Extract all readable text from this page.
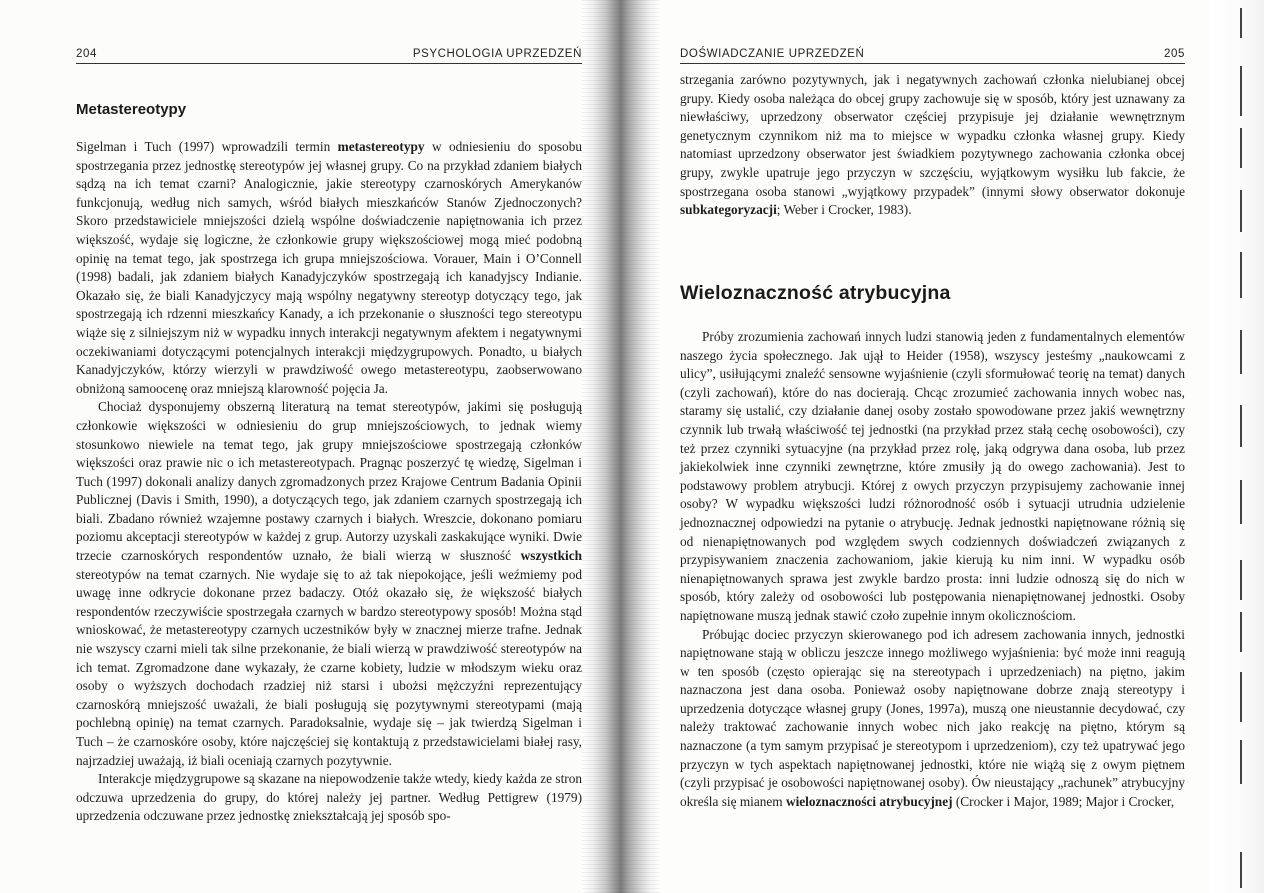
204	PSYCHOLOGIA UPRZEDZEŃ
Metastereotypy

Sigelman i Tuch (1997) wprowadzili termin metastereotypy w odniesieniu do sposobu spostrzegania przez jednostkę stereotypów jej własnej grupy. Co na przykład zdaniem białych sądzą na ich temat czarni? Analogicznie, jakie stereotypy czarnoskórych Amerykanów funkcjonują, według nich samych, wśród białych mieszkańców Stanów Zjednoczonych? Skoro przedstawiciele mniejszości dzielą wspólne doświadczenie napiętnowania ich przez większość, wydaje się logiczne, że członkowie grupy większościowej mogą mieć podobną opinię na temat tego, jak spostrzega ich grupa mniejszościowa. Vorauer, Main i O’Connell (1998) badali, jak zdaniem białych Kanadyjczyków spostrzegają ich kanadyjscy Indianie. Okazało się, że biali Kanadyjczycy mają wspólny negatywny stereotyp dotyczący tego, jak spostrzegają ich rdzenni mieszkańcy Kanady, a ich przekonanie o słuszności tego stereotypu wiąże się z silniejszym niż w wypadku innych interakcji negatywnym afektem i negatywnymi oczekiwaniami dotyczącymi potencjalnych interakcji międzygrupowych. Ponadto, u białych Kanadyjczyków, którzy wierzyli w prawdziwość owego metastereotypu, zaobserwowano obniżoną samoocenę oraz mniejszą klarowność pojęcia Ja.

Chociaż dysponujemy obszerną literaturą na temat stereotypów, jakimi się posługują członkowie większości w odniesieniu do grup mniejszościowych, to jednak wiemy stosunkowo niewiele na temat tego, jak grupy mniejszościowe spostrzegają członków większości oraz prawie nic o ich metastereotypach. Pragnąc poszerzyć tę wiedzę, Sigelman i Tuch (1997) dokonali analizy danych zgromadzonych przez Krajowe Centrum Badania Opinii Publicznej (Davis i Smith, 1990), a dotyczących tego, jak zdaniem czarnych spostrzegają ich biali. Zbadano również wzajemne postawy czarnych i białych. Wreszcie, dokonano pomiaru poziomu akceptacji stereotypów w każdej z grup. Autorzy uzyskali zaskakujące wyniki. Dwie trzecie czarnoskórych respondentów uznało, że biali wierzą w słuszność wszystkich stereotypów na temat czarnych. Nie wydaje się to aż tak niepokojące, jeśli weźmiemy pod uwagę inne odkrycie dokonane przez badaczy. Otóż okazało się, że większość białych respondentów rzeczywiście spostrzegała czarnych w bardzo stereotypowy sposób! Można stąd wnioskować, że metastereotypy czarnych uczestników były w znacznej mierze trafne. Jednak nie wszyscy czarni mieli tak silne przekonanie, że biali wierzą w prawdziwość stereotypów na ich temat. Zgromadzone dane wykazały, że czarne kobiety, ludzie w młodszym wieku oraz osoby o wyższych dochodach rzadziej niż starsi i ubożsi mężczyźni reprezentujący czarnoskórą mniejszość uważali, że biali posługują się pozytywnymi stereotypami (mają pochlebną opinię) na temat czarnych. Paradoksalnie, wydaje się – jak twierdzą Sigelman i Tuch – że czarnoskóre osoby, które najczęściej się kontaktują z przedstawicielami białej rasy, najrzadziej uważają, iż biali oceniają czarnych pozytywnie.

Interakcje międzygrupowe są skazane na niepowodzenie także wtedy, kiedy każda ze stron odczuwa uprzedzenia do grupy, do której należy jej partner. Według Pettigrew (1979) uprzedzenia odczuwane przez jednostkę zniekształcają jej sposób spo-

DOŚWIADCZANIE UPRZEDZEŃ	205

strzegania zarówno pozytywnych, jak i negatywnych zachowań członka nielubianej obcej grupy. Kiedy osoba należąca do obcej grupy zachowuje się w sposób, który jest uznawany za niewłaściwy, uprzedzony obserwator częściej przypisuje jej działanie wewnętrznym genetycznym czynnikom niż ma to miejsce w wypadku członka własnej grupy. Kiedy natomiast uprzedzony obserwator jest świadkiem pozytywnego zachowania członka obcej grupy, zwykle upatruje jego przyczyn w szczęściu, wyjątkowym wysiłku lub fakcie, że spostrzegana osoba stanowi „wyjątkowy przypadek” (innymi słowy obserwator dokonuje subkategoryzacji; Weber i Crocker, 1983).

Wieloznaczność atrybucyjna

Próby zrozumienia zachowań innych ludzi stanowią jeden z fundamentalnych elementów naszego życia społecznego. Jak ujął to Heider (1958), wszyscy jesteśmy „naukowcami z ulicy”, usiłującymi znaleźć sensowne wyjaśnienie (czyli sformułować teorię na temat) danych (czyli zachowań), które do nas docierają. Chcąc zrozumieć zachowania innych wobec nas, staramy się ustalić, czy działanie danej osoby zostało spowodowane przez jakiś wewnętrzny czynnik lub trwałą właściwość tej jednostki (na przykład przez stałą cechę osobowości), czy też przez czynniki sytuacyjne (na przykład przez rolę, jaką odgrywa dana osoba, lub przez jakiekolwiek inne czynniki zewnętrzne, które zmusiły ją do owego zachowania). Jest to podstawowy problem atrybucji. Której z owych przyczyn przypisujemy zachowanie innej osoby? W wypadku większości ludzi różnorodność osób i sytuacji utrudnia udzielenie jednoznacznej odpowiedzi na pytanie o atrybucję. Jednak jednostki napiętnowane różnią się od nienapiętnowanych pod względem swych codziennych doświadczeń związanych z przypisywaniem znaczenia zachowaniom, jakie kierują ku nim inni. W wypadku osób nienapiętnowanych sprawa jest zwykle bardzo prosta: inni ludzie odnoszą się do nich w sposób, który zależy od osobowości lub postępowania nienapiętnowanej jednostki. Osoby napiętnowane muszą jednak stawić czoło zupełnie innym okolicznościom.

Próbując dociec przyczyn skierowanego pod ich adresem zachowania innych, jednostki napiętnowane stają w obliczu jeszcze innego możliwego wyjaśnienia: być może inni reagują w ten sposób (często opierając się na stereotypach i uprzedzeniach) na piętno, jakim naznaczona jest dana osoba. Ponieważ osoby napiętnowane dobrze znają stereotypy i uprzedzenia dotyczące własnej grupy (Jones, 1997a), muszą one nieustannie decydować, czy należy traktować zachowanie innych wobec nich jako reakcję na piętno, którym są naznaczone (a tym samym przypisać je stereotypom i uprzedzeniom), czy też upatrywać jego przyczyn w tych aspektach napiętnowanej jednostki, które nie wiążą się z owym piętnem (czyli przypisać je osobowości napiętnowanej osoby). Ów nieustający „rachunek” atrybucyjny określa się mianem wieloznaczności atrybucyjnej (Crocker i Major, 1989; Major i Crocker,
